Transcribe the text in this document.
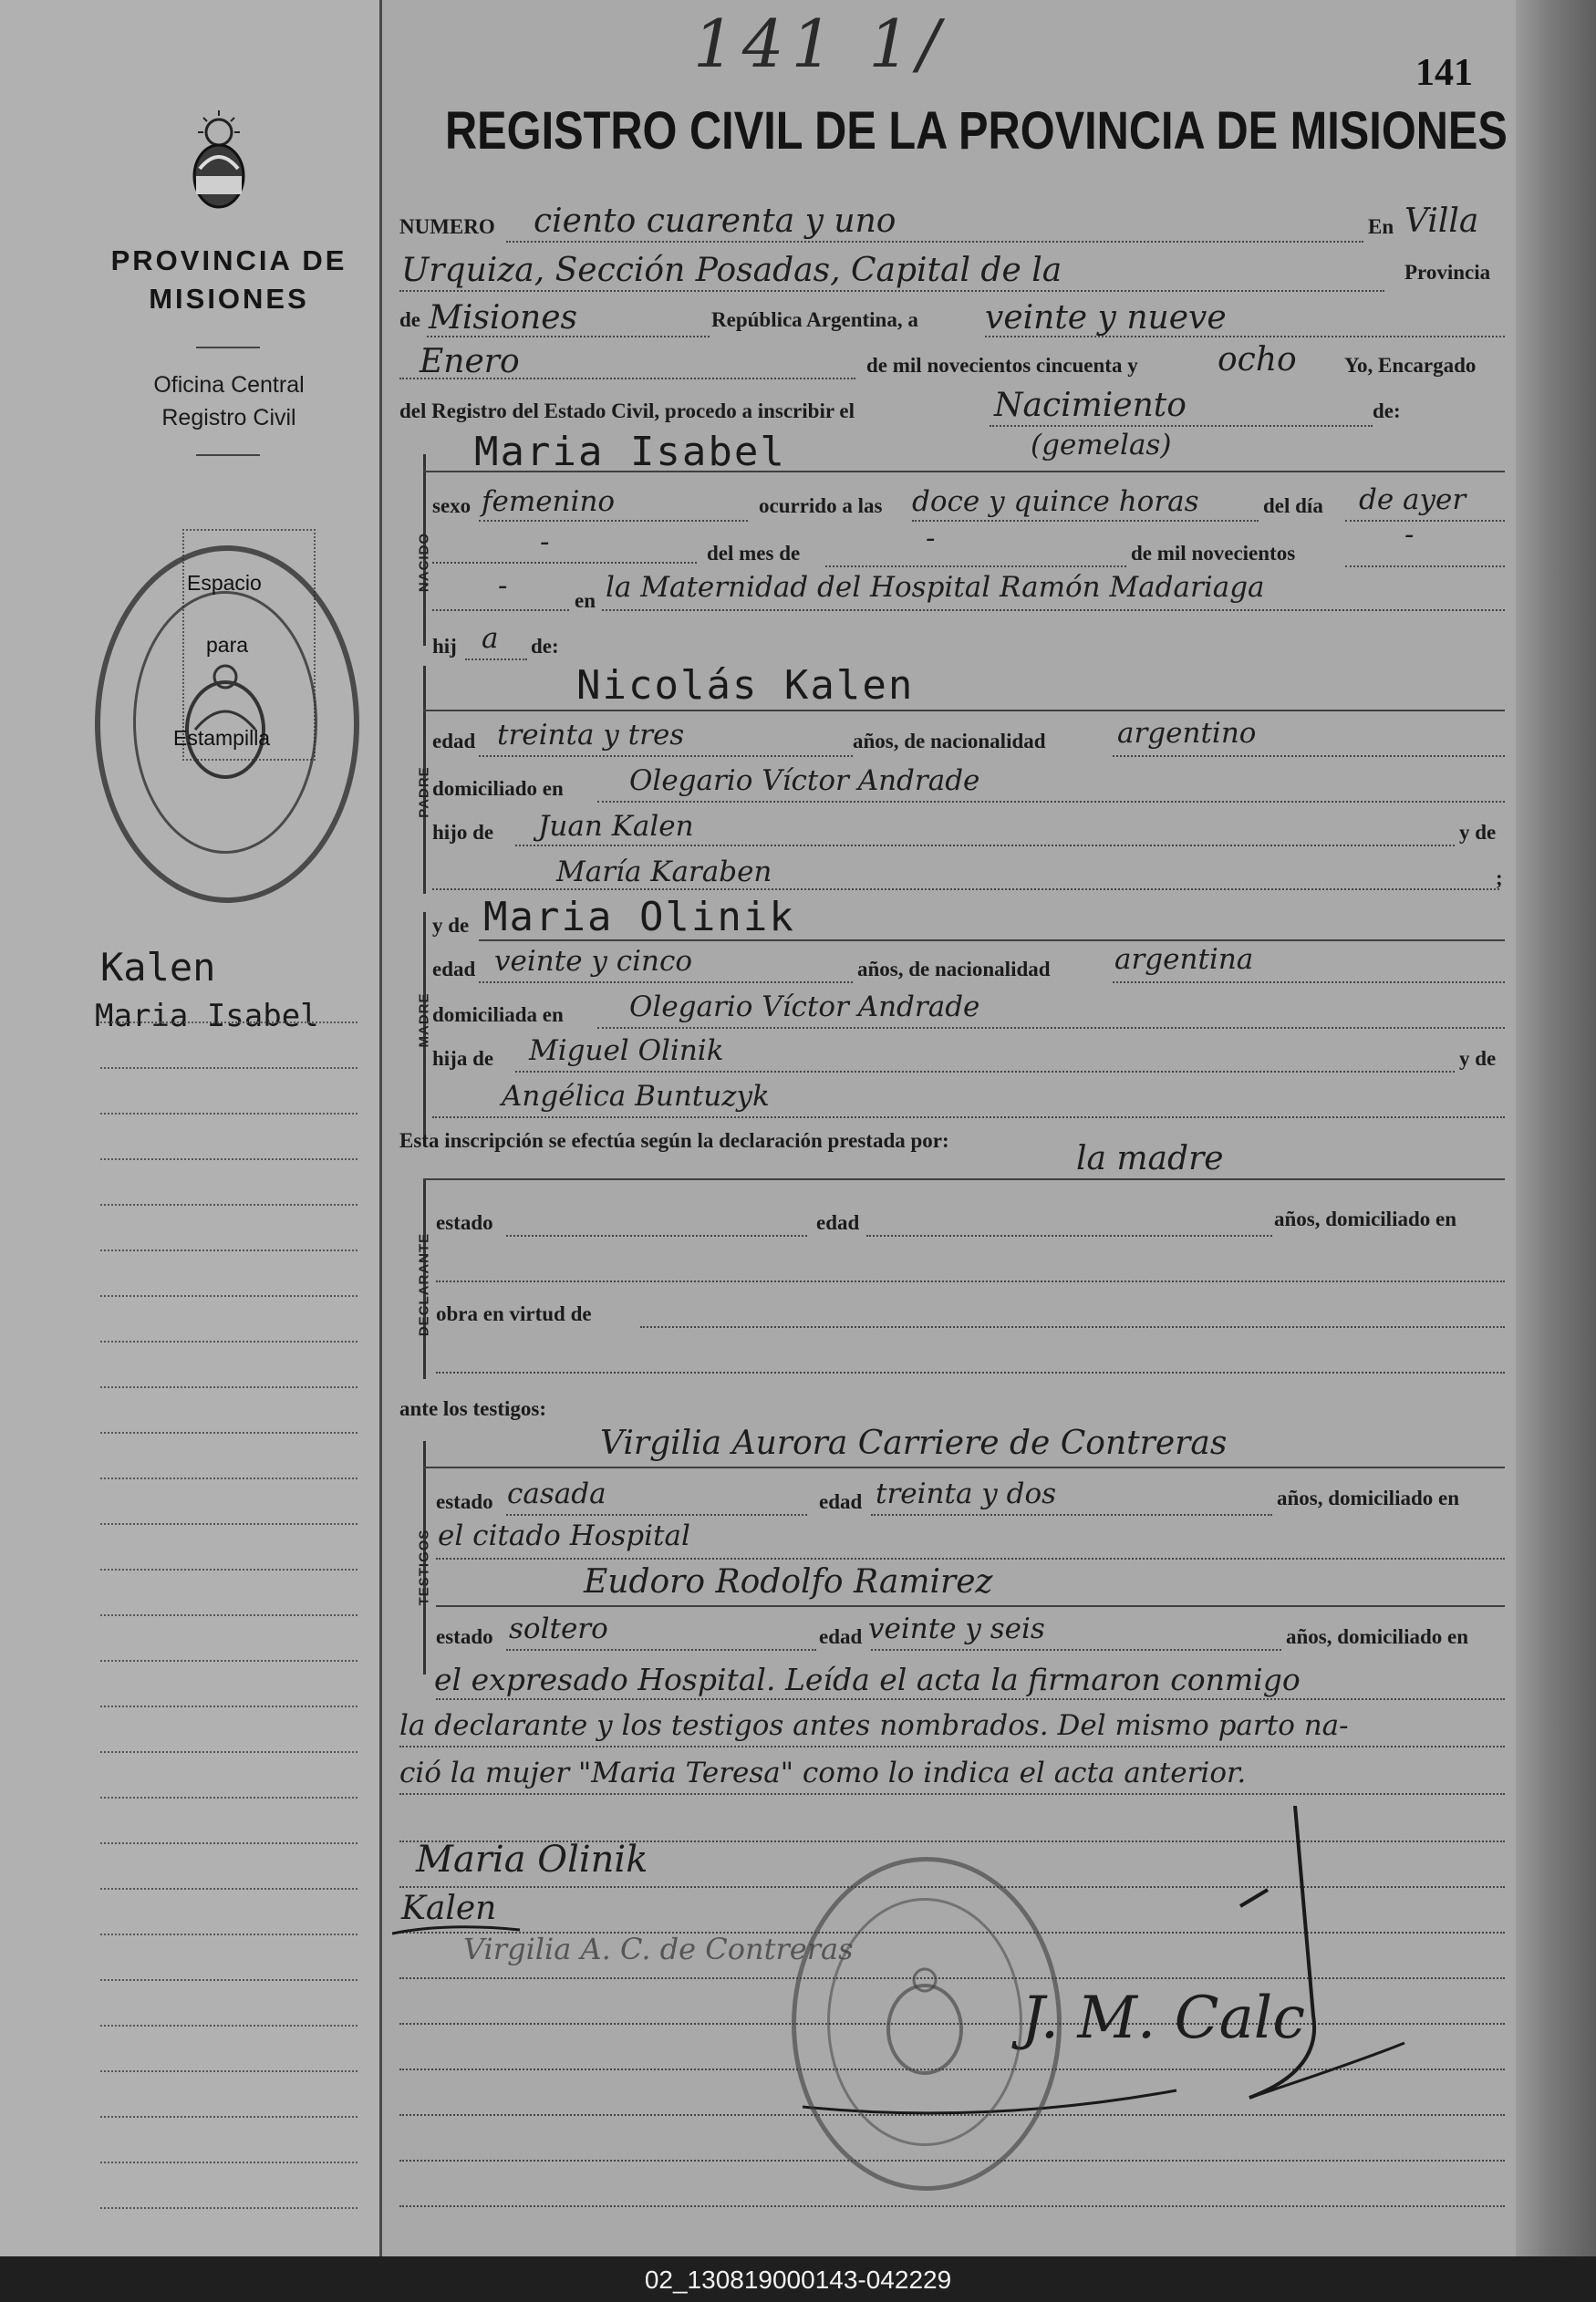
141 1/	141
REGISTRO CIVIL DE LA PROVINCIA DE MISIONES
PROVINCIA DE
MISIONES
Oficina Central
Registro Civil
Espacio
para
Estampilla
Kalen
Maria Isabel
NUMERO ciento cuarenta y uno	En Villa
Urquiza, Sección Posadas, Capital de la	Provincia
de Misiones	República Argentina, a veinte y nueve
Enero	de mil novecientos cincuenta y ocho Yo, Encargado
del Registro del Estado Civil, procedo a inscribir el	Nacimiento	de:
NACIDO
Maria Isabel	(gemelas)
sexo femenino	ocurrido a las doce y quince horas	del día de ayer
-	del mes de	-	de mil novecientos
-
-	en la Maternidad del Hospital Ramón Madariaga
hij a de:
PADRE
Nicolás Kalen
edad treinta y tres	años, de nacionalidad	argentino
domiciliado en Olegario Víctor Andrade
hijo de Juan Kalen	y de
María Karaben	;
MADRE
y de Maria Olinik
edad veinte y cinco	años, de nacionalidad argentina
domiciliada en Olegario Víctor Andrade
hija de Miguel Olinik	y de
Angélica Buntuzyk
Esta inscripción se efectúa según la declaración prestada por:	la madre
DECLARANTE
estado	edad	años, domiciliado en
obra en virtud de
ante los testigos:
TESTIGOS
Virgilia Aurora Carriere de Contreras
estado casada	edad treinta y dos	años, domiciliado en
el citado Hospital
Eudoro Rodolfo Ramirez
estado soltero	edad veinte y seis	años, domiciliado en
el expresado Hospital. Leída el acta la firmaron conmigo
la declarante y los testigos antes nombrados. Del mismo parto na-
ció la mujer "Maria Teresa" como lo indica el acta anterior.
Maria Olinik
Kalen
Virgilia A. C. de Contreras
J. M. Calc
02_130819000143-042229
